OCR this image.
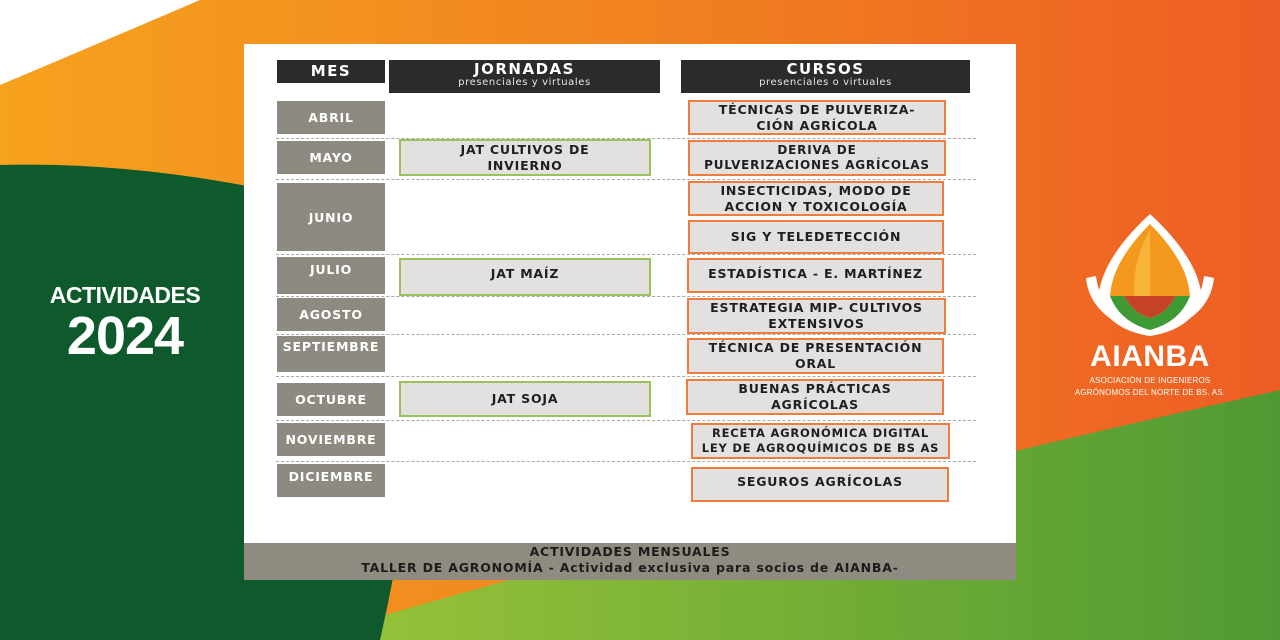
ACTIVIDADES
2024	AIANBA
ASOCIACIÓN DE INGENIEROS
AGRÓNOMOS DEL NORTE DE BS. AS.
MES	JORNADAS
presenciales y virtuales
CURSOS
presenciales o virtuales
ABRIL
MAYO
JUNIO
JULIO
AGOSTO
SEPTIEMBRE
OCTUBRE
NOVIEMBRE
DICIEMBRE
JAT CULTIVOS DE
INVIERNO
JAT MAÍZ
JAT SOJA
TÉCNICAS DE PULVERIZA-
CIÓN AGRÍCOLA
DERIVA DE
PULVERIZACIONES AGRÍCOLAS
INSECTICIDAS, MODO DE
ACCION Y TOXICOLOGÍA
SIG Y TELEDETECCIÓN
ESTADÍSTICA - E. MARTÍNEZ
ESTRATEGIA MIP- CULTIVOS
EXTENSIVOS
TÉCNICA DE PRESENTACIÓN
ORAL
BUENAS PRÁCTICAS
AGRÍCOLAS
RECETA AGRONÓMICA DIGITAL
LEY DE AGROQUÍMICOS DE BS AS
SEGUROS AGRÍCOLAS
ACTIVIDADES MENSUALES
TALLER DE AGRONOMÍA - Actividad exclusiva para socios de AIANBA-
